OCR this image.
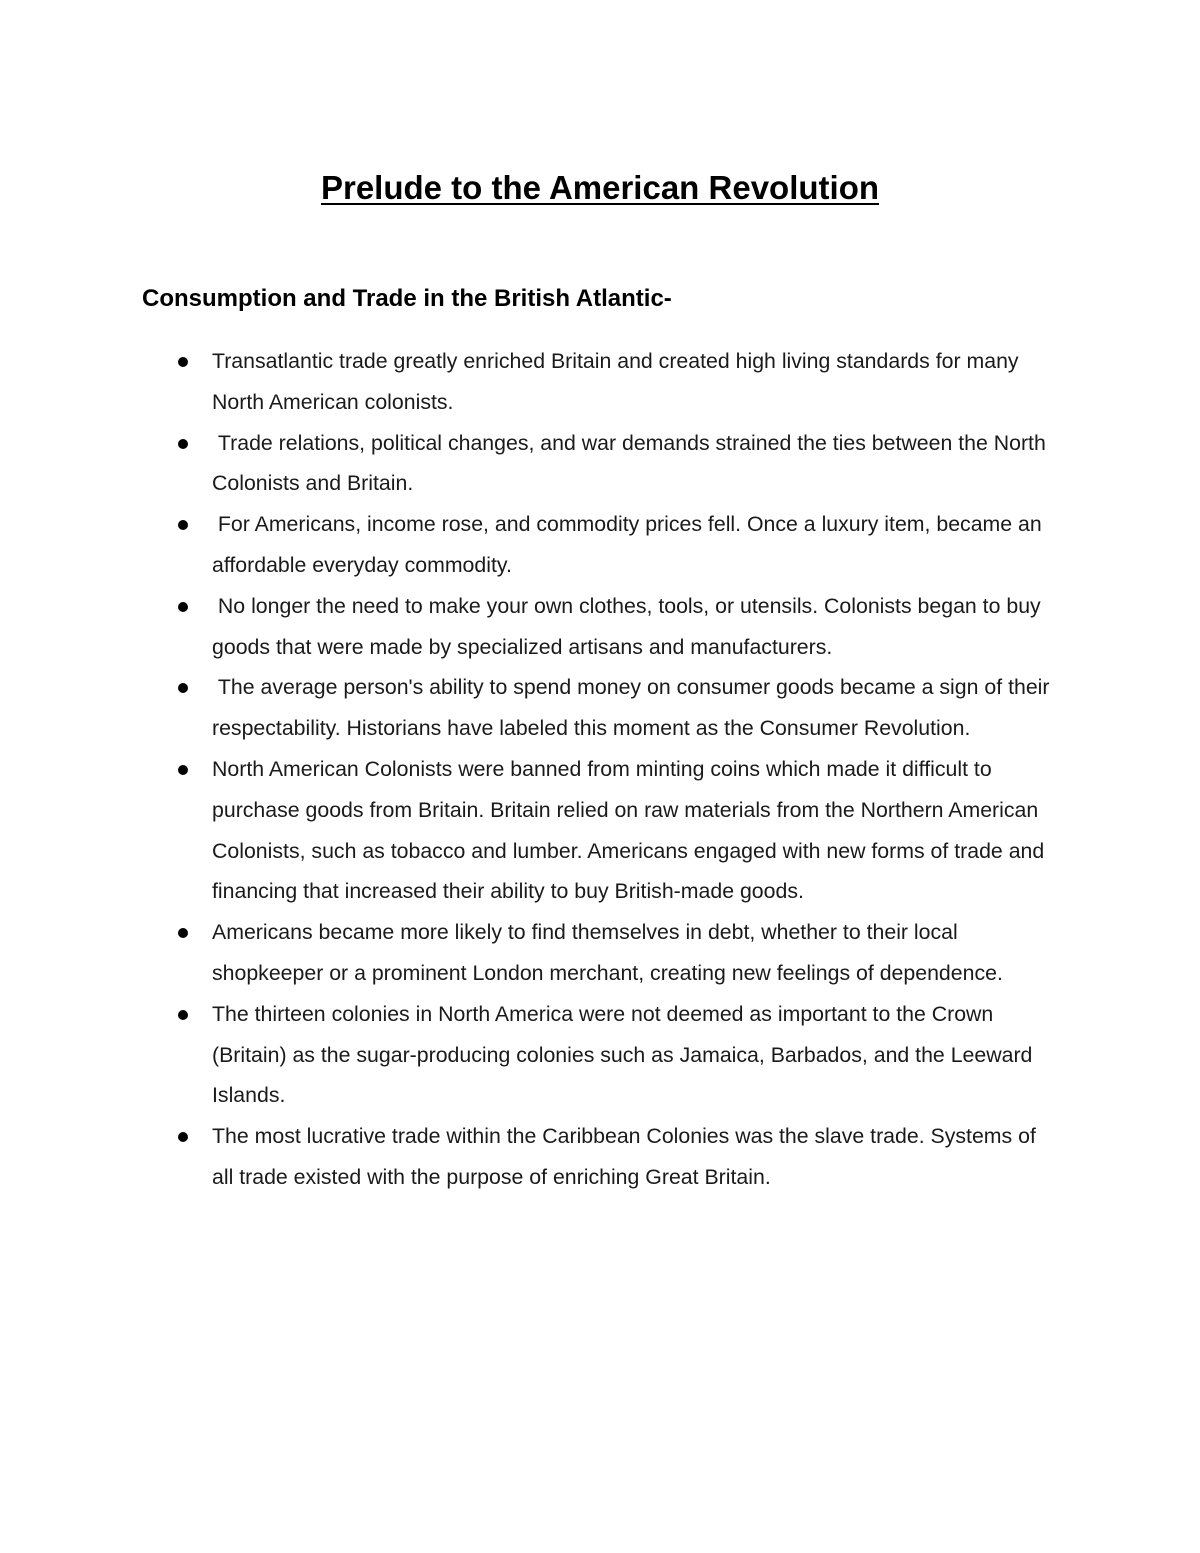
Prelude to the American Revolution
Consumption and Trade in the British Atlantic-
Transatlantic trade greatly enriched Britain and created high living standards for many North American colonists.
Trade relations, political changes, and war demands strained the ties between the North Colonists and Britain.
For Americans, income rose, and commodity prices fell. Once a luxury item, became an affordable everyday commodity.
No longer the need to make your own clothes, tools, or utensils. Colonists began to buy goods that were made by specialized artisans and manufacturers.
The average person's ability to spend money on consumer goods became a sign of their respectability. Historians have labeled this moment as the Consumer Revolution.
North American Colonists were banned from minting coins which made it difficult to purchase goods from Britain. Britain relied on raw materials from the Northern American Colonists, such as tobacco and lumber. Americans engaged with new forms of trade and financing that increased their ability to buy British-made goods.
Americans became more likely to find themselves in debt, whether to their local shopkeeper or a prominent London merchant, creating new feelings of dependence.
The thirteen colonies in North America were not deemed as important to the Crown (Britain) as the sugar-producing colonies such as Jamaica, Barbados, and the Leeward Islands.
The most lucrative trade within the Caribbean Colonies was the slave trade. Systems of all trade existed with the purpose of enriching Great Britain.
